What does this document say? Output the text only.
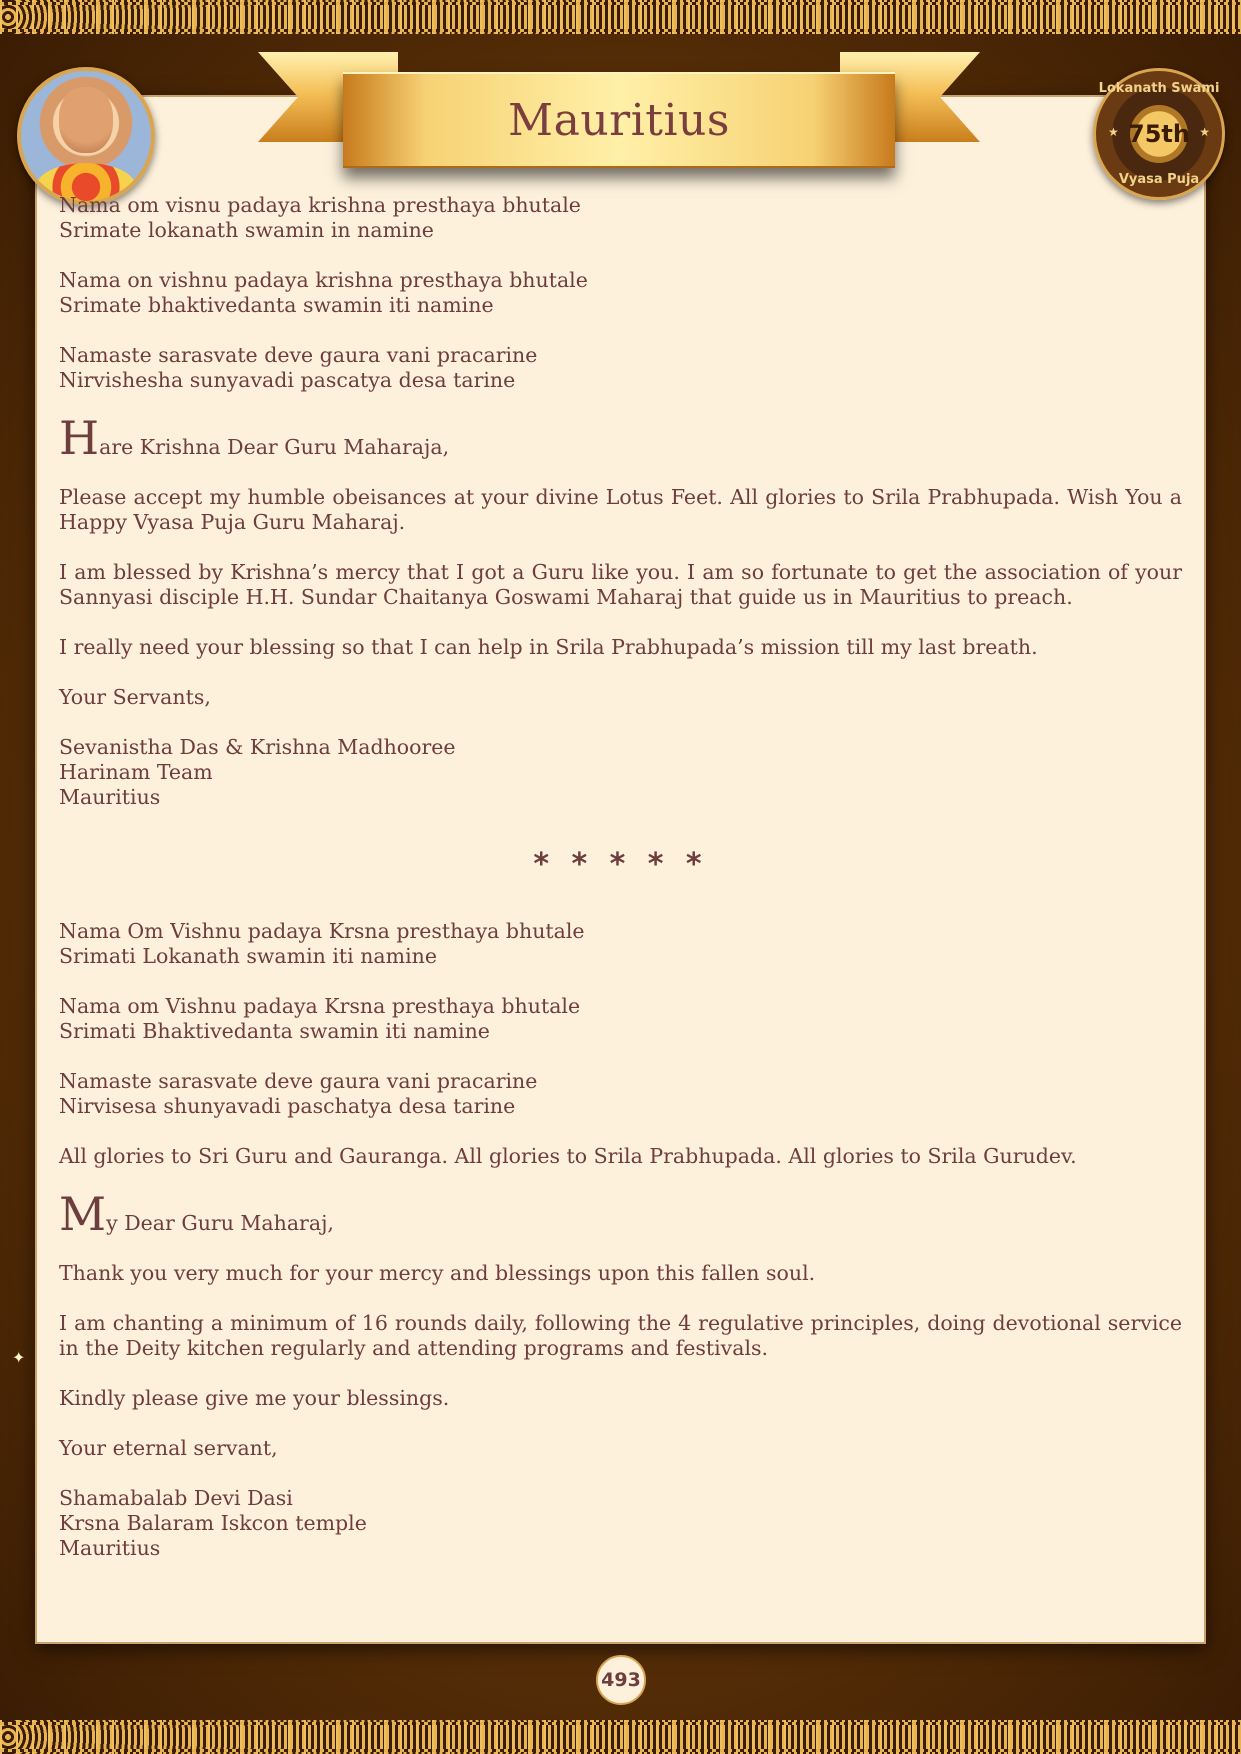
Mauritius
Lokanath Swami
★ 75th ★
Vyasa Puja

Nama om visnu padaya krishna presthaya bhutale
Srimate lokanath swamin in namine

Nama on vishnu padaya krishna presthaya bhutale
Srimate bhaktivedanta swamin iti namine

Namaste sarasvate deve gaura vani pracarine
Nirvishesha sunyavadi pascatya desa tarine

Hare Krishna Dear Guru Maharaja,

Please accept my humble obeisances at your divine Lotus Feet. All glories to Srila Prabhupada. Wish You a Happy Vyasa Puja Guru Maharaj.

I am blessed by Krishna’s mercy that I got a Guru like you. I am so fortunate to get the association of your Sannyasi disciple H.H. Sundar Chaitanya Goswami Maharaj that guide us in Mauritius to preach.

I really need your blessing so that I can help in Srila Prabhupada’s mission till my last breath.

Your Servants,

Sevanistha Das & Krishna Madhooree
Harinam Team
Mauritius

* * * * *

Nama Om Vishnu padaya Krsna presthaya bhutale
Srimati Lokanath swamin iti namine

Nama om Vishnu padaya Krsna presthaya bhutale
Srimati Bhaktivedanta swamin iti namine

Namaste sarasvate deve gaura vani pracarine
Nirvisesa shunyavadi paschatya desa tarine

All glories to Sri Guru and Gauranga. All glories to Srila Prabhupada. All glories to Srila Gurudev.

My Dear Guru Maharaj,

Thank you very much for your mercy and blessings upon this fallen soul.

I am chanting a minimum of 16 rounds daily, following the 4 regulative principles, doing devotional service in the Deity kitchen regularly and attending programs and festivals.

Kindly please give me your blessings.

Your eternal servant,

Shamabalab Devi Dasi
Krsna Balaram Iskcon temple
Mauritius

✦
493
